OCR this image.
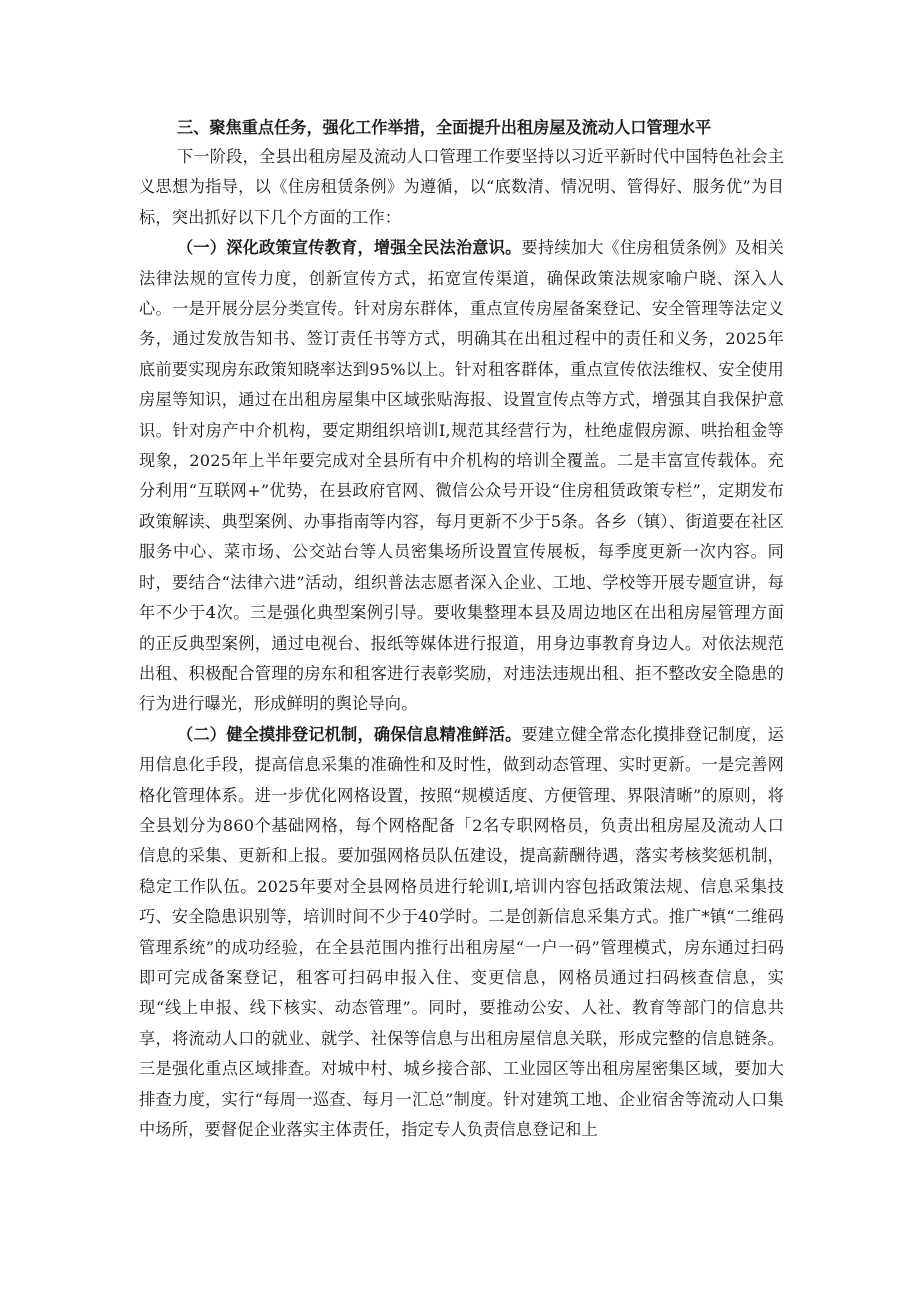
三、聚焦重点任务，强化工作举措，全面提升出租房屋及流动人口管理水平

下一阶段，全县出租房屋及流动人口管理工作要坚持以习近平新时代中国特色社会主义思想为指导，以《住房租赁条例》为遵循，以“底数清、情况明、管得好、服务优”为目标，突出抓好以下几个方面的工作：

（一）深化政策宣传教育，增强全民法治意识。要持续加大《住房租赁条例》及相关法律法规的宣传力度，创新宣传方式，拓宽宣传渠道，确保政策法规家喻户晓、深入人心。一是开展分层分类宣传。针对房东群体，重点宣传房屋备案登记、安全管理等法定义务，通过发放告知书、签订责任书等方式，明确其在出租过程中的责任和义务，2025年底前要实现房东政策知晓率达到95%以上。针对租客群体，重点宣传依法维权、安全使用房屋等知识，通过在出租房屋集中区域张贴海报、设置宣传点等方式，增强其自我保护意识。针对房产中介机构，要定期组织培训I,规范其经营行为，杜绝虚假房源、哄抬租金等现象，2025年上半年要完成对全县所有中介机构的培训全覆盖。二是丰富宣传载体。充分利用“互联网+”优势，在县政府官网、微信公众号开设“住房租赁政策专栏”，定期发布政策解读、典型案例、办事指南等内容，每月更新不少于5条。各乡（镇）、街道要在社区服务中心、菜市场、公交站台等人员密集场所设置宣传展板，每季度更新一次内容。同时，要结合“法律六进”活动，组织普法志愿者深入企业、工地、学校等开展专题宣讲，每年不少于4次。三是强化典型案例引导。要收集整理本县及周边地区在出租房屋管理方面的正反典型案例，通过电视台、报纸等媒体进行报道，用身边事教育身边人。对依法规范出租、积极配合管理的房东和租客进行表彰奖励，对违法违规出租、拒不整改安全隐患的行为进行曝光，形成鲜明的舆论导向。

（二）健全摸排登记机制，确保信息精准鲜活。要建立健全常态化摸排登记制度，运用信息化手段，提高信息采集的准确性和及时性，做到动态管理、实时更新。一是完善网格化管理体系。进一步优化网格设置，按照“规模适度、方便管理、界限清晰”的原则，将全县划分为860个基础网格，每个网格配备「2名专职网格员，负责出租房屋及流动人口信息的采集、更新和上报。要加强网格员队伍建设，提高薪酬待遇，落实考核奖惩机制，稳定工作队伍。2025年要对全县网格员进行轮训I,培训内容包括政策法规、信息采集技巧、安全隐患识别等，培训时间不少于40学时。二是创新信息采集方式。推广*镇“二维码管理系统”的成功经验，在全县范围内推行出租房屋“一户一码”管理模式，房东通过扫码即可完成备案登记，租客可扫码申报入住、变更信息，网格员通过扫码核查信息，实现“线上申报、线下核实、动态管理”。同时，要推动公安、人社、教育等部门的信息共享，将流动人口的就业、就学、社保等信息与出租房屋信息关联，形成完整的信息链条。三是强化重点区域排查。对城中村、城乡接合部、工业园区等出租房屋密集区域，要加大排查力度，实行“每周一巡查、每月一汇总”制度。针对建筑工地、企业宿舍等流动人口集中场所，要督促企业落实主体责任，指定专人负责信息登记和上
